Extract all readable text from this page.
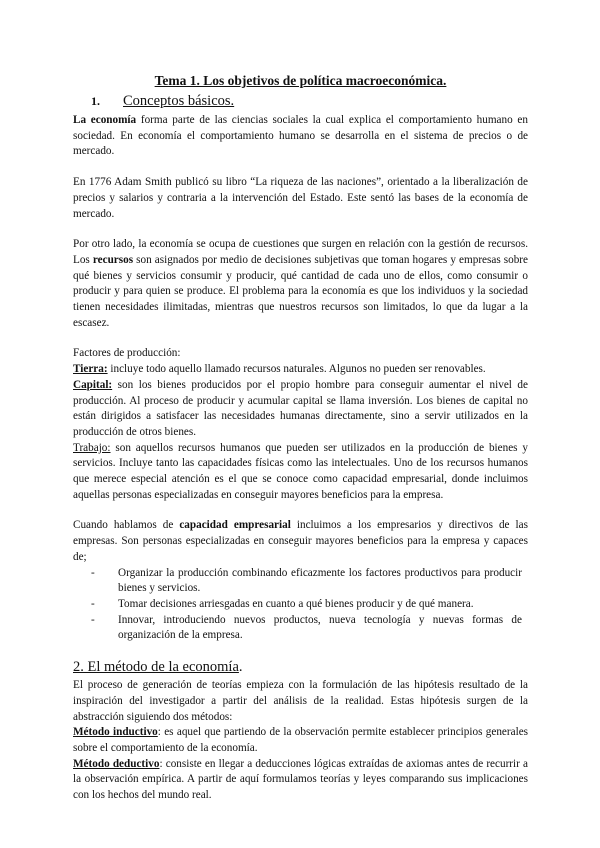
Tema 1. Los objetivos de política macroeconómica.
1.	Conceptos básicos.

La economía forma parte de las ciencias sociales la cual explica el comportamiento humano en sociedad. En economía el comportamiento humano se desarrolla en el sistema de precios o de mercado.

En 1776 Adam Smith publicó su libro “La riqueza de las naciones”, orientado a la liberalización de precios y salarios y contraria a la intervención del Estado. Este sentó las bases de la economía de mercado.

Por otro lado, la economía se ocupa de cuestiones que surgen en relación con la gestión de recursos. Los recursos son asignados por medio de decisiones subjetivas que toman hogares y empresas sobre qué bienes y servicios consumir y producir, qué cantidad de cada uno de ellos, como consumir o producir y para quien se produce. El problema para la economía es que los individuos y la sociedad tienen necesidades ilimitadas, mientras que nuestros recursos son limitados, lo que da lugar a la escasez.

Factores de producción:

Tierra: incluye todo aquello llamado recursos naturales. Algunos no pueden ser renovables.

Capital: son los bienes producidos por el propio hombre para conseguir aumentar el nivel de producción. Al proceso de producir y acumular capital se llama inversión. Los bienes de capital no están dirigidos a satisfacer las necesidades humanas directamente, sino a servir utilizados en la producción de otros bienes.

Trabajo: son aquellos recursos humanos que pueden ser utilizados en la producción de bienes y servicios. Incluye tanto las capacidades físicas como las intelectuales. Uno de los recursos humanos que merece especial atención es el que se conoce como capacidad empresarial, donde incluimos aquellas personas especializadas en conseguir mayores beneficios para la empresa.

Cuando hablamos de capacidad empresarial incluimos a los empresarios y directivos de las empresas. Son personas especializadas en conseguir mayores beneficios para la empresa y capaces de;

- Organizar la producción combinando eficazmente los factores productivos para producir bienes y servicios.
- Tomar decisiones arriesgadas en cuanto a qué bienes producir y de qué manera.
- Innovar, introduciendo nuevos productos, nueva tecnología y nuevas formas de organización de la empresa.
2. El método de la economía.

El proceso de generación de teorías empieza con la formulación de las hipótesis resultado de la inspiración del investigador a partir del análisis de la realidad. Estas hipótesis surgen de la abstracción siguiendo dos métodos:

Método inductivo: es aquel que partiendo de la observación permite establecer principios generales sobre el comportamiento de la economía.

Método deductivo: consiste en llegar a deducciones lógicas extraídas de axiomas antes de recurrir a la observación empírica. A partir de aquí formulamos teorías y leyes comparando sus implicaciones con los hechos del mundo real.
